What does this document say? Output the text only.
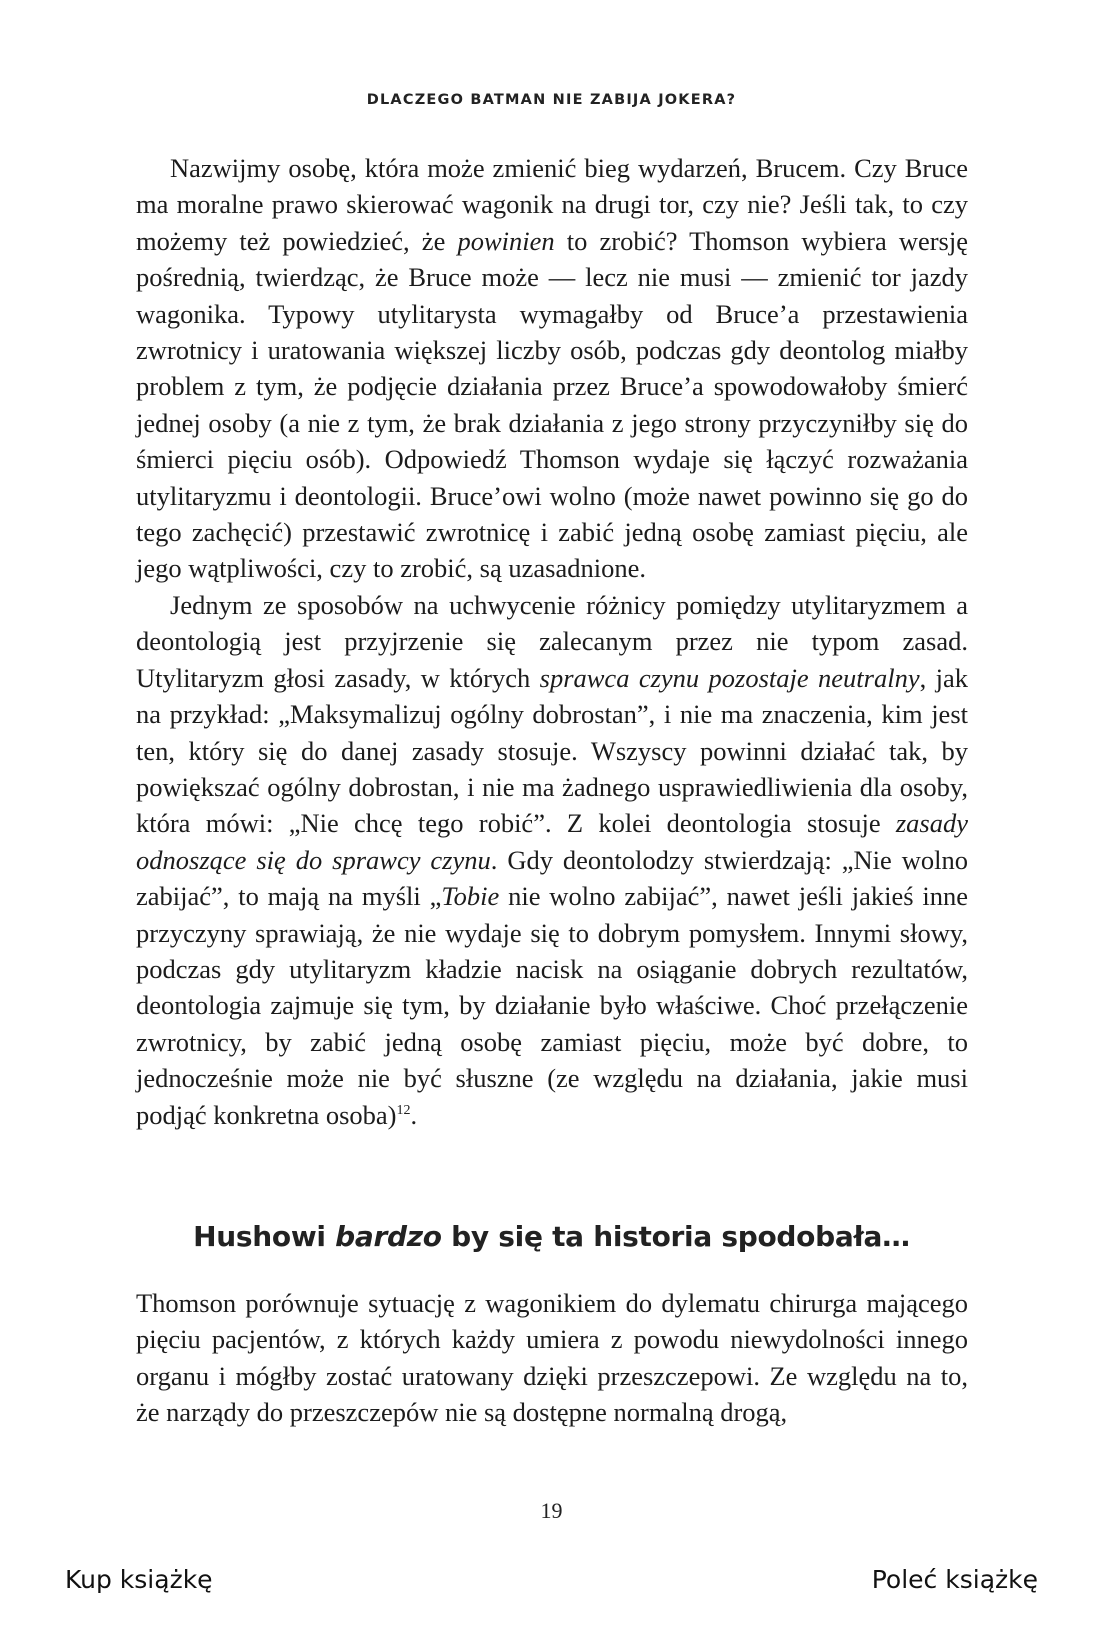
DLACZEGO BATMAN NIE ZABIJA JOKERA?

Nazwijmy osobę, która może zmienić bieg wydarzeń, Brucem. Czy Bruce ma moralne prawo skierować wagonik na drugi tor, czy nie? Jeśli tak, to czy możemy też powiedzieć, że powinien to zrobić? Thomson wybiera wersję pośrednią, twierdząc, że Bruce może — lecz nie musi — zmienić tor jazdy wagonika. Typowy utylitarysta wymagałby od Bruce’a przestawienia zwrotnicy i uratowania większej liczby osób, podczas gdy deontolog miałby problem z tym, że podjęcie działania przez Bruce’a spowodowałoby śmierć jednej osoby (a nie z tym, że brak działania z jego strony przyczyniłby się do śmierci pięciu osób). Odpowiedź Thomson wydaje się łączyć rozważania utylitaryzmu i deontologii. Bruce’owi wolno (może nawet powinno się go do tego zachęcić) przestawić zwrotnicę i zabić jedną osobę zamiast pięciu, ale jego wątpliwości, czy to zrobić, są uzasadnione.

Jednym ze sposobów na uchwycenie różnicy pomiędzy utylitaryzmem a deontologią jest przyjrzenie się zalecanym przez nie typom zasad. Utylitaryzm głosi zasady, w których sprawca czynu pozostaje neutralny, jak na przykład: „Maksymalizuj ogólny dobrostan”, i nie ma znaczenia, kim jest ten, który się do danej zasady stosuje. Wszyscy powinni działać tak, by powiększać ogólny dobrostan, i nie ma żadnego usprawiedliwienia dla osoby, która mówi: „Nie chcę tego robić”. Z kolei deontologia stosuje zasady odnoszące się do sprawcy czynu. Gdy deontolodzy stwierdzają: „Nie wolno zabijać”, to mają na myśli „Tobie nie wolno zabijać”, nawet jeśli jakieś inne przyczyny sprawiają, że nie wydaje się to dobrym pomysłem. Innymi słowy, podczas gdy utylitaryzm kładzie nacisk na osiąganie dobrych rezultatów, deontologia zajmuje się tym, by działanie było właściwe. Choć przełączenie zwrotnicy, by zabić jedną osobę zamiast pięciu, może być dobre, to jednocześnie może nie być słuszne (ze względu na działania, jakie musi podjąć konkretna osoba)$^{12}$.

Hushowi bardzo by się ta historia spodobała…

Thomson porównuje sytuację z wagonikiem do dylematu chirurga mającego pięciu pacjentów, z których każdy umiera z powodu niewydolności innego organu i mógłby zostać uratowany dzięki przeszczepowi. Ze względu na to, że narządy do przeszczepów nie są dostępne normalną drogą,

19
Kup książkę	Poleć książkę
